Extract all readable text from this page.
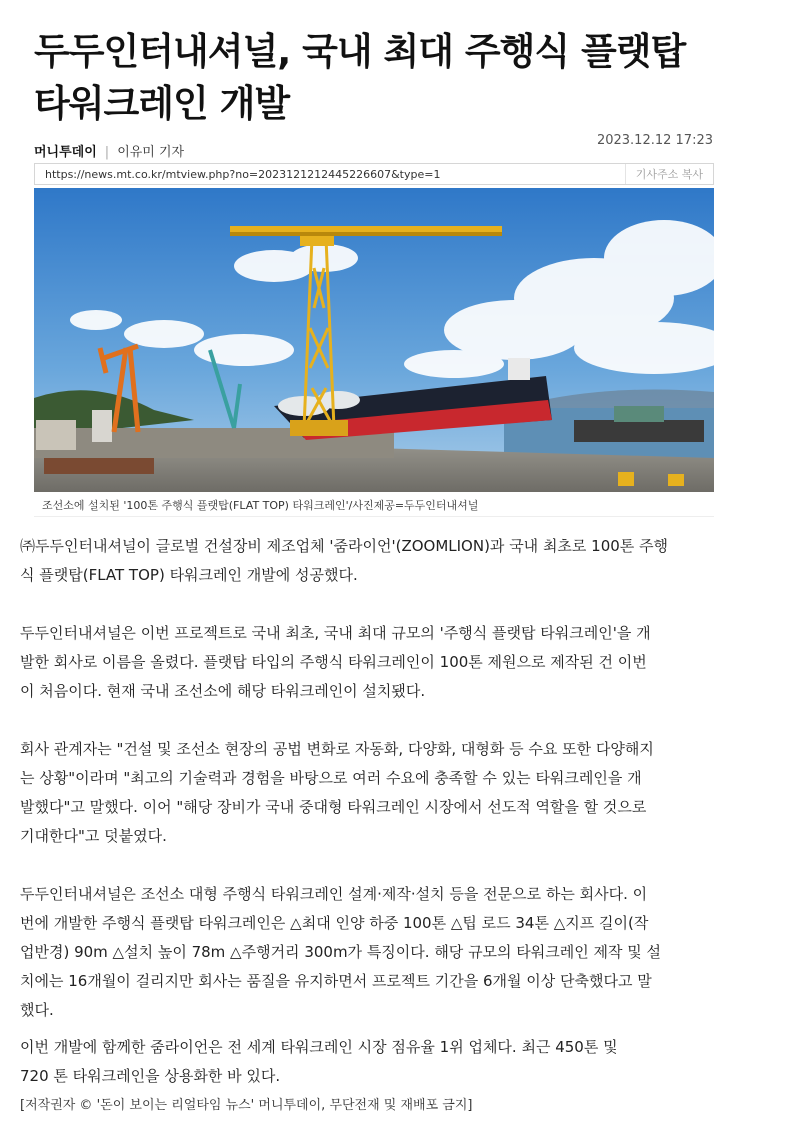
두두인터내셔널, 국내 최대 주행식 플랫탑
타워크레인 개발
2023.12.12 17:23
머니투데이 | 이유미 기자
https://news.mt.co.kr/mtview.php?no=2023121212445226607&type=1	기사주소 복사
조선소에 설치된 '100톤 주행식 플랫탑(FLAT TOP) 타워크레인'/사진제공=두두인터내셔널

㈜두두인터내셔널이 글로벌 건설장비 제조업체 '줌라이언'(ZOOMLION)과 국내 최초로 100톤 주행

식 플랫탑(FLAT TOP) 타워크레인 개발에 성공했다.

두두인터내셔널은 이번 프로젝트로 국내 최초, 국내 최대 규모의 '주행식 플랫탑 타워크레인'을 개

발한 회사로 이름을 올렸다. 플랫탑 타입의 주행식 타워크레인이 100톤 제원으로 제작된 건 이번

이 처음이다. 현재 국내 조선소에 해당 타워크레인이 설치됐다.

회사 관계자는 "건설 및 조선소 현장의 공법 변화로 자동화, 다양화, 대형화 등 수요 또한 다양해지

는 상황"이라며 "최고의 기술력과 경험을 바탕으로 여러 수요에 충족할 수 있는 타워크레인을 개

발했다"고 말했다. 이어 "해당 장비가 국내 중대형 타워크레인 시장에서 선도적 역할을 할 것으로

기대한다"고 덧붙였다.

두두인터내셔널은 조선소 대형 주행식 타워크레인 설계·제작·설치 등을 전문으로 하는 회사다. 이

번에 개발한 주행식 플랫탑 타워크레인은 △최대 인양 하중 100톤 △팁 로드 34톤 △지프 길이(작

업반경) 90m △설치 높이 78m △주행거리 300m가 특징이다. 해당 규모의 타워크레인 제작 및 설

치에는 16개월이 걸리지만 회사는 품질을 유지하면서 프로젝트 기간을 6개월 이상 단축했다고 말

했다.

이번 개발에 함께한 줌라이언은 전 세계 타워크레인 시장 점유율 1위 업체다. 최근 450톤 및

720 톤 타워크레인을 상용화한 바 있다.

[저작권자 © '돈이 보이는 리얼타임 뉴스' 머니투데이, 무단전재 및 재배포 금지]
